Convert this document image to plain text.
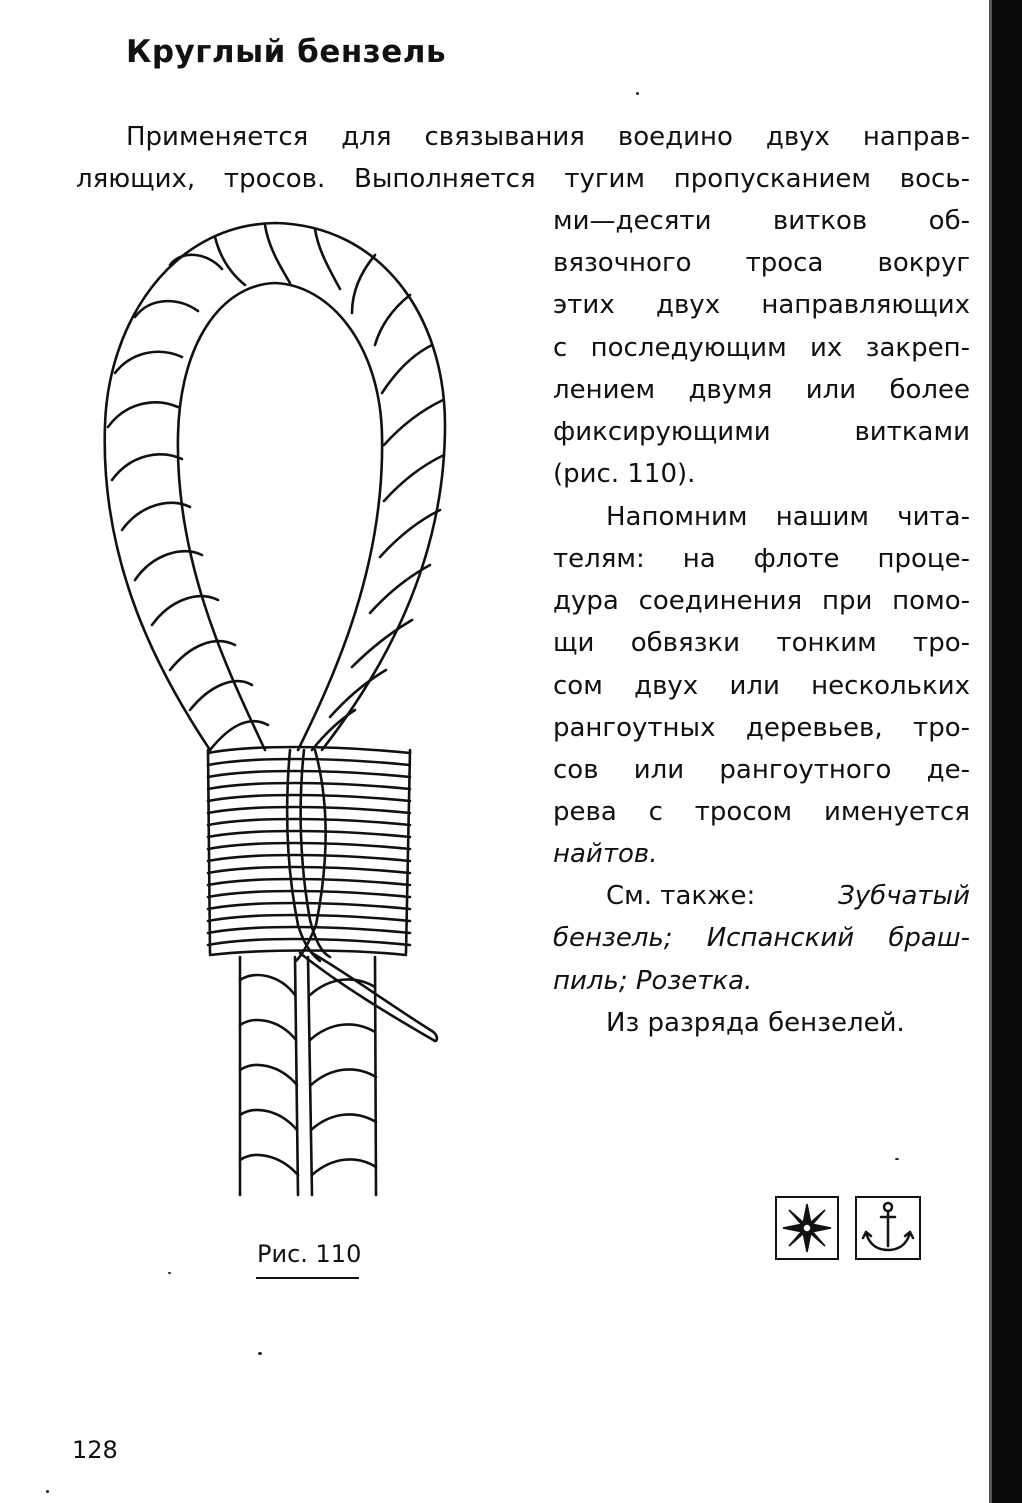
Круглый бензель
Применяется для связывания воедино двух направ-
ляющих, тросов. Выполняется тугим пропусканием вось-
ми—десяти витков об-
вязочного троса вокруг
этих двух направляющих
с последующим их закреп-
лением двумя или более
фиксирующими витками
(рис. 110).
Напомним нашим чита-
телям: на флоте проце-
дура соединения при помо-
щи обвязки тонким тро-
сом двух или нескольких
рангоутных деревьев, тро-
сов или рангоутного де-
рева с тросом именуется
найтов.
См. также:	Зубчатый
бензель; Испанский браш-
пиль; Розетка.
Из разряда бензелей.
Рис. 110
128
